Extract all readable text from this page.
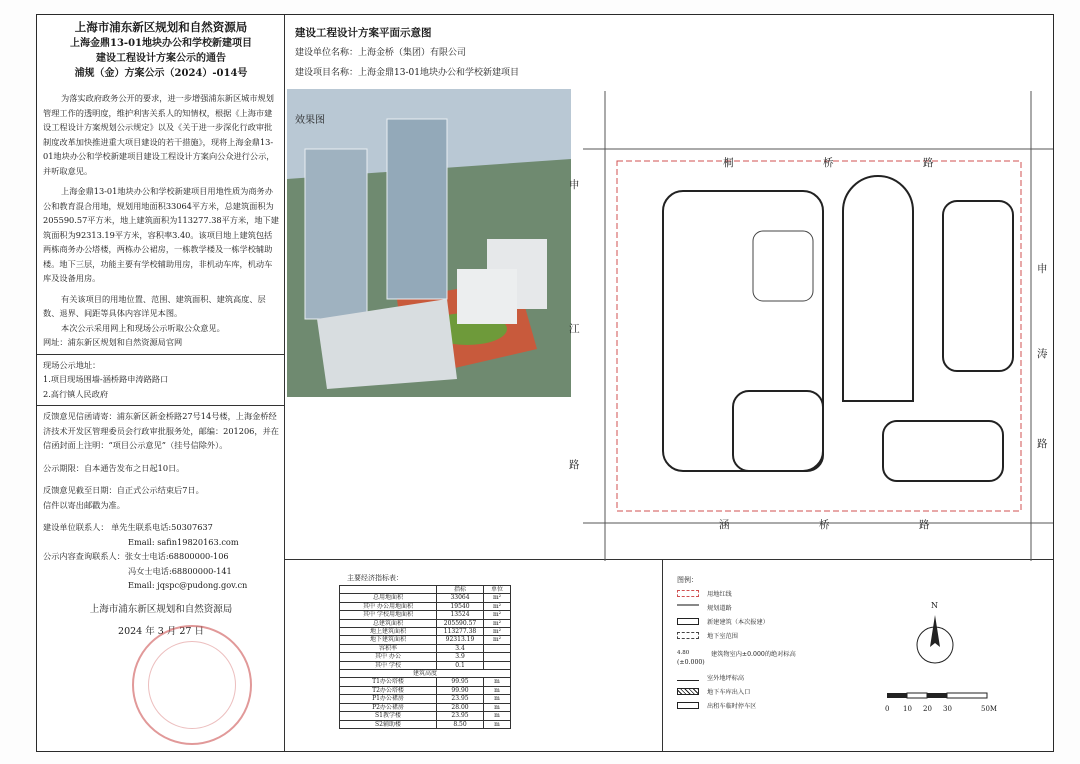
上海市浦东新区规划和自然资源局
上海金鼎13-01地块办公和学校新建项目
建设工程设计方案公示的通告
浦规（金）方案公示（2024）-014号

为落实政府政务公开的要求，进一步增强浦东新区城市规划管理工作的透明度，维护利害关系人的知情权，根据《上海市建设工程设计方案规划公示规定》以及《关于进一步深化行政审批制度改革加快推进重大项目建设的若干措施》，现将上海金鼎13-01地块办公和学校新建项目建设工程设计方案向公众进行公示，并听取意见。

上海金鼎13-01地块办公和学校新建项目用地性质为商务办公和教育混合用地，规划用地面积33064平方米，总建筑面积为205590.57平方米，地上建筑面积为113277.38平方米，地下建筑面积为92313.19平方米，容积率3.40。该项目地上建筑包括两栋商务办公塔楼，两栋办公裙房，一栋教学楼及一栋学校辅助楼。地下三层，功能主要有学校辅助用房，非机动车库，机动车库及设备用房。

有关该项目的用地位置、范围、建筑面积、建筑高度、层数、退界、间距等具体内容详见本图。

本次公示采用网上和现场公示听取公众意见。

网址：浦东新区规划和自然资源局官网

现场公示地址：

1.项目现场围墙-涵桥路申涛路路口

2.高行镇人民政府

反馈意见信函请寄：浦东新区新金桥路27号14号楼，上海金桥经济技术开发区管理委员会行政审批服务处，邮编：201206，并在信函封面上注明：“项目公示意见”（挂号信除外）。

公示期限：自本通告发布之日起10日。

反馈意见截至日期：自正式公示结束后7日。

信件以寄出邮戳为准。

建设单位联系人： 单先生联系电话:50307637

Email: safin19820163.com

公示内容查询联系人：张女士电话:68800000-106

冯女士电话:68800000-141

Email: jqspc@pudong.gov.cn

上海市浦东新区规划和自然资源局

2024 年 3 月 27 日

建设工程设计方案平面示意图
建设单位名称：上海金桥（集团）有限公司
建设项目名称：上海金鼎13-01地块办公和学校新建项目
效果图
申
江
路
桐	桥	路
申
涛
路
涵	桥	路
主要经济指标表：
	指标	单位
总用地面积	33064	m²
其中 办公用地面积	19540	m²
其中 学校用地面积	13524	m²
总建筑面积	205590.57	m²
地上建筑面积	113277.38	m²
地下建筑面积	92313.19	m²
容积率	3.4	
其中 办公	3.9	
其中 学校	0.1	
建筑高度		
T1办公塔楼	99.95	m
T2办公塔楼	99.90	m
P1办公裙房	23.95	m
P2办公裙房	28.00	m
S1教学楼	23.95	m
S2辅助楼	8.50	m
图例：
用地红线
规划道路
新建建筑（本次报建）
地下室范围
4.80	建筑物室内±0.000的绝对标高
(±0.000)
室外地坪标高
地下车库出入口
出租车临时停车区
N
0 10 20 30	50M
